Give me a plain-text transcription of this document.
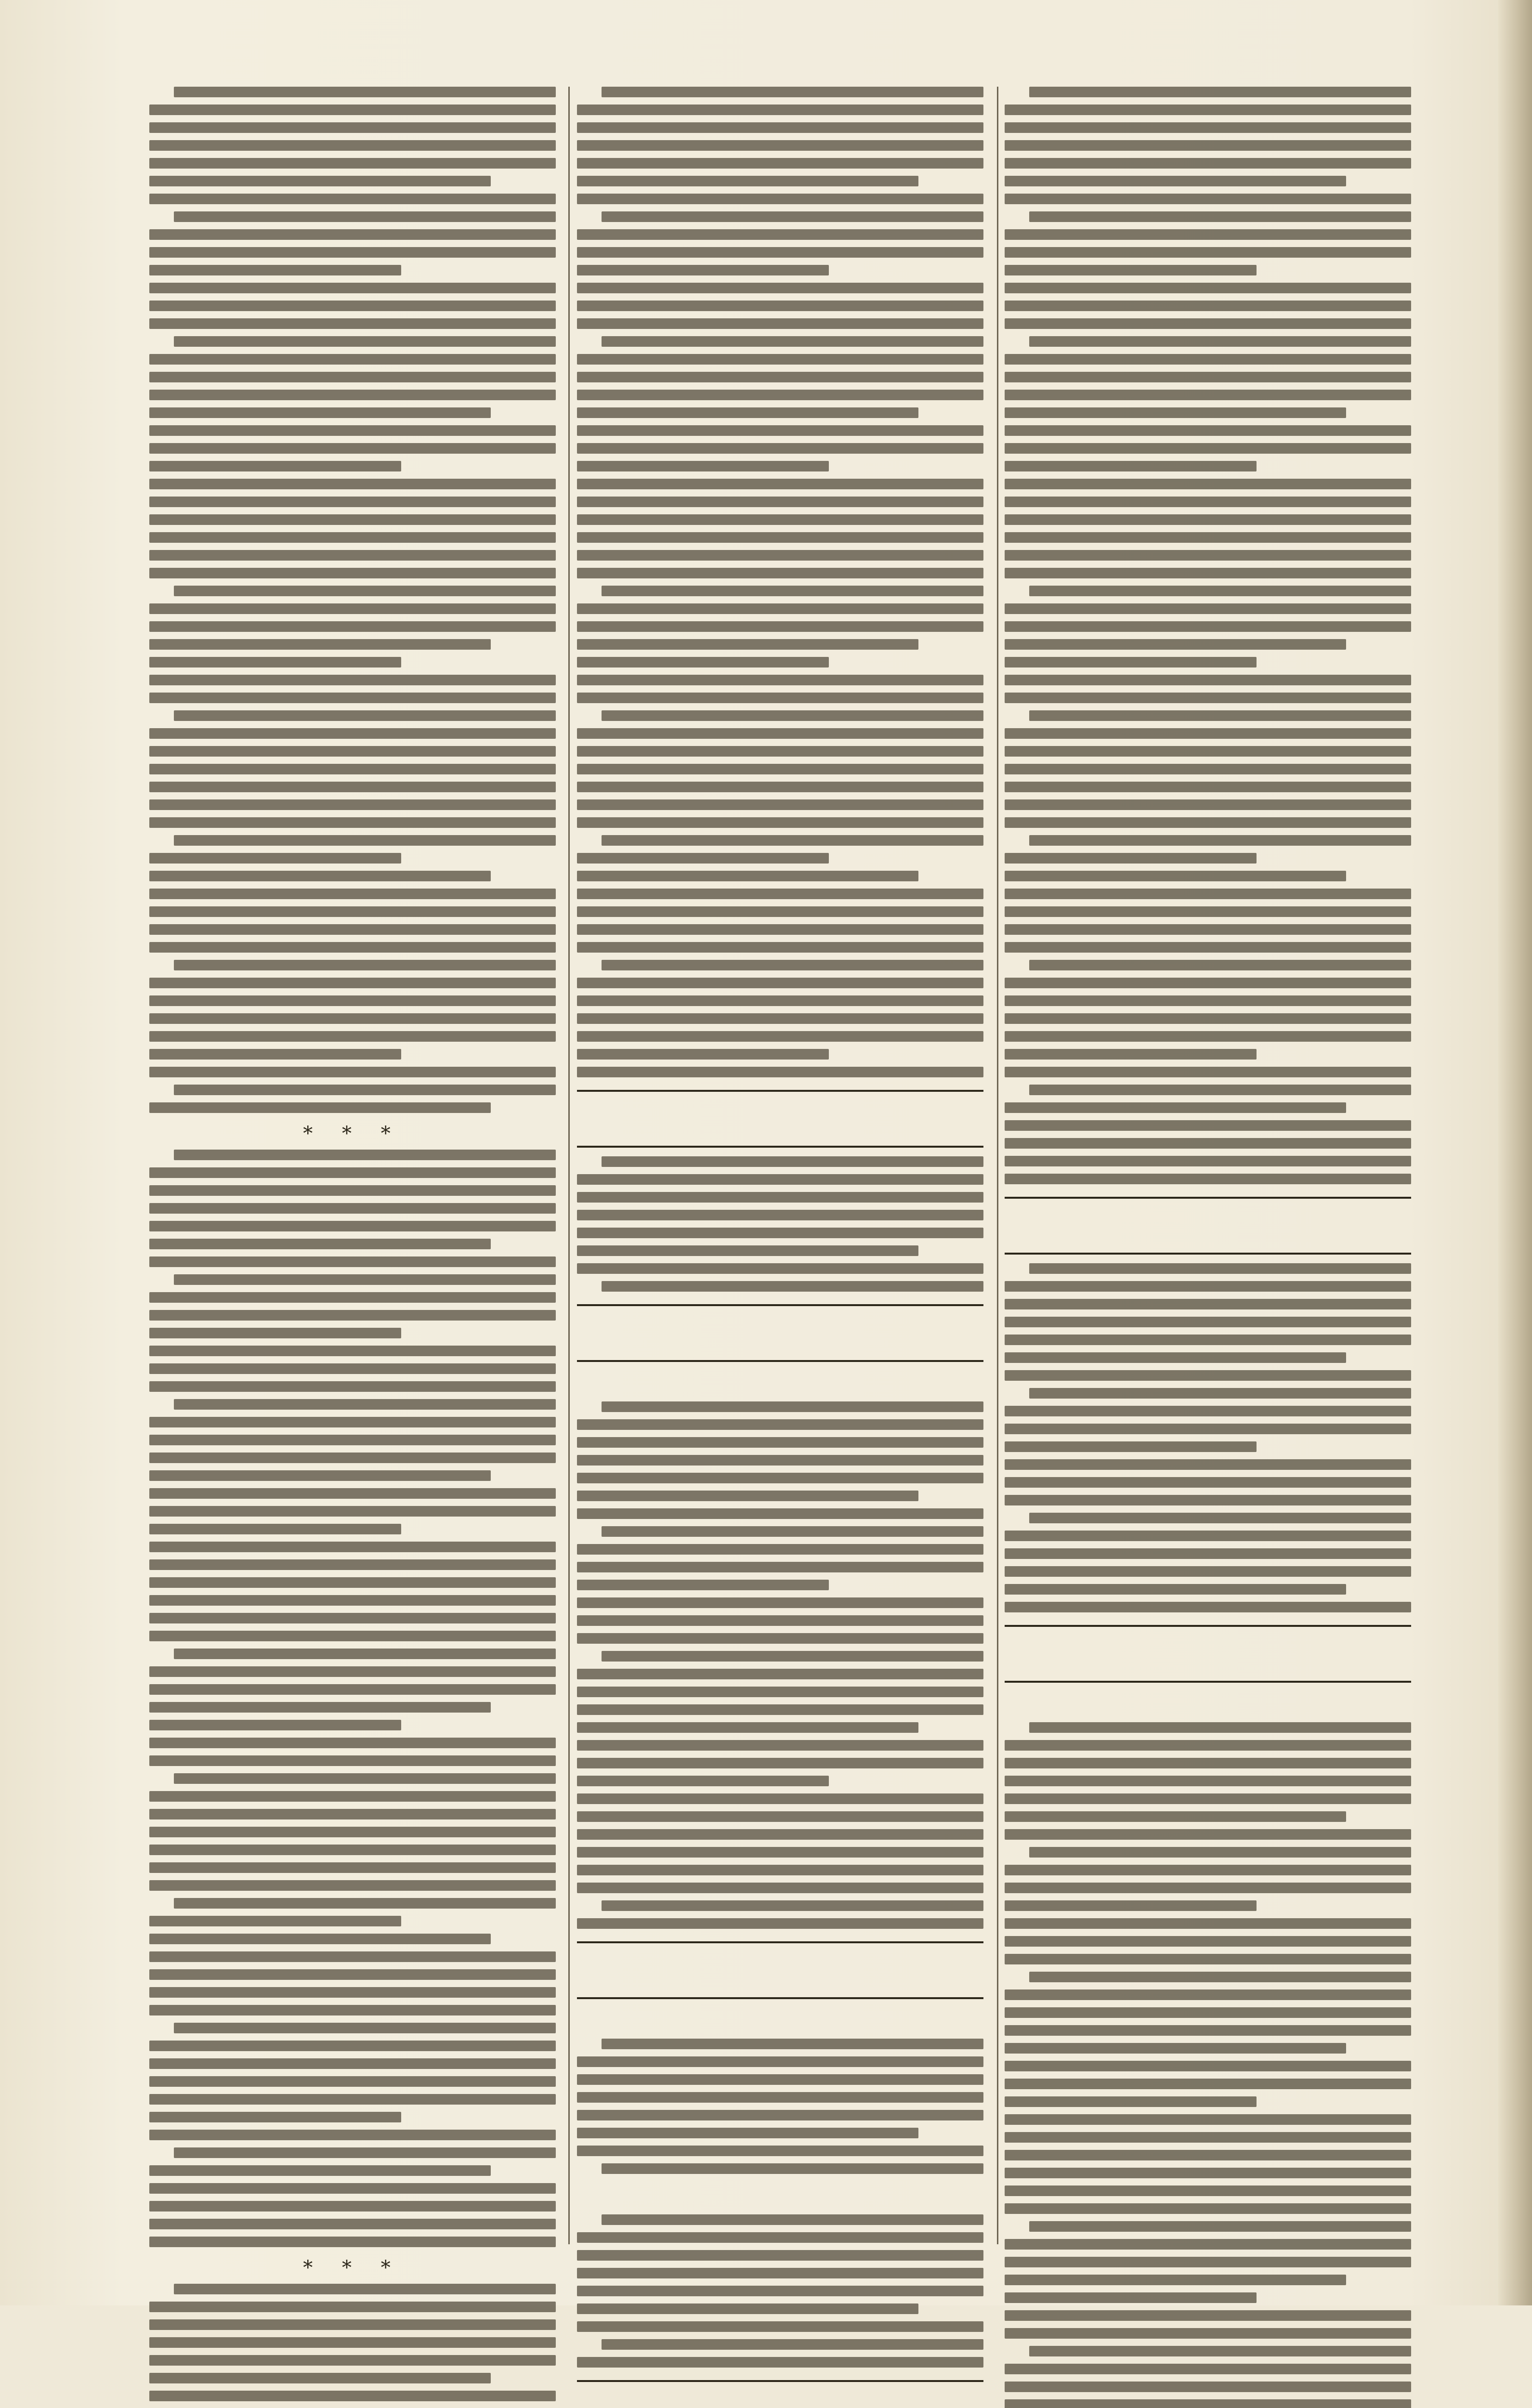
* * *
* * *
